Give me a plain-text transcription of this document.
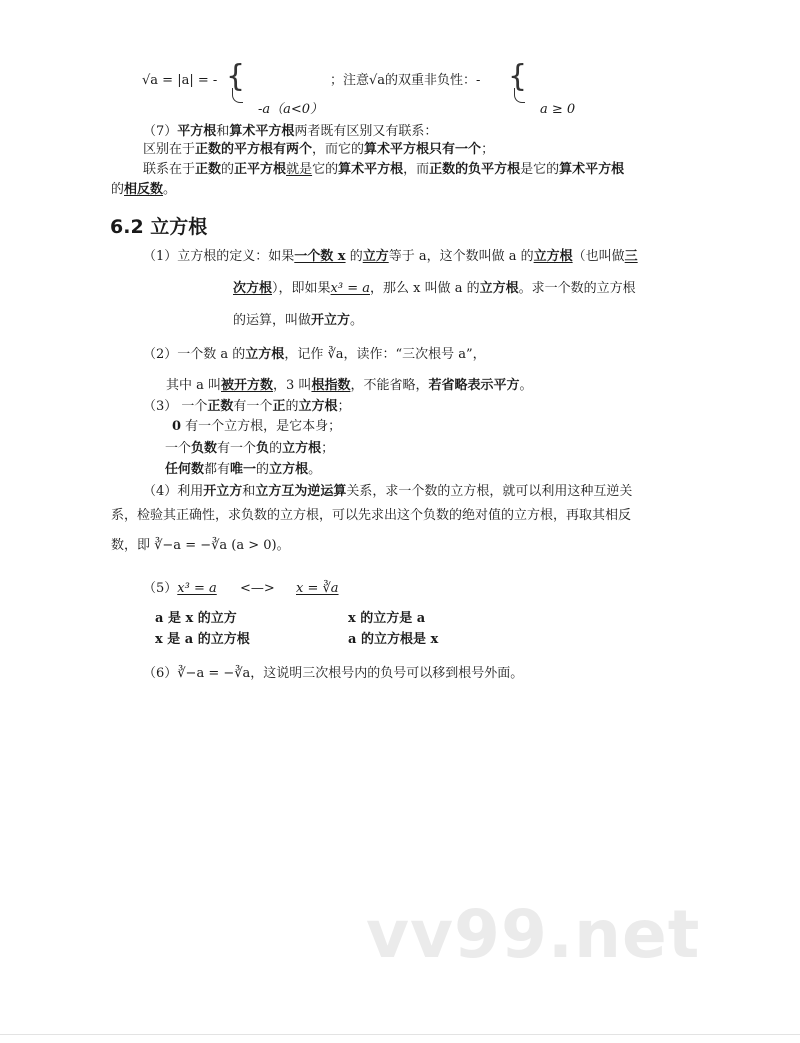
√a = |a| = - {
-a（a<0）
；注意√a的双重非负性：- {
a ≥ 0
（7）平方根和算术平方根两者既有区别又有联系：
区别在于正数的平方根有两个，而它的算术平方根只有一个；
联系在于正数的正平方根就是它的算术平方根，而正数的负平方根是它的算术平方根
的相反数。
6.2 立方根
（1）立方根的定义：如果一个数 x 的立方等于 a，这个数叫做 a 的立方根（也叫做三
次方根），即如果x³ = a，那么 x 叫做 a 的立方根。求一个数的立方根
的运算，叫做开立方。
（2）一个数 a 的立方根，记作 ∛a，读作：“三次根号 a”，
其中 a 叫被开方数，3 叫根指数，不能省略，若省略表示平方。
（3） 一个正数有一个正的立方根；
0 有一个立方根，是它本身；
一个负数有一个负的立方根；
任何数都有唯一的立方根。
（4）利用开立方和立方互为逆运算关系，求一个数的立方根，就可以利用这种互逆关
系，检验其正确性，求负数的立方根，可以先求出这个负数的绝对值的立方根，再取其相反
数，即 ∛−a = −∛a (a > 0)。
（5）x³ = a <—> x = ∛a
a 是 x 的立方	x 的立方是 a
x 是 a 的立方根	a 的立方根是 x
（6）∛−a = −∛a，这说明三次根号内的负号可以移到根号外面。
vv99.net
